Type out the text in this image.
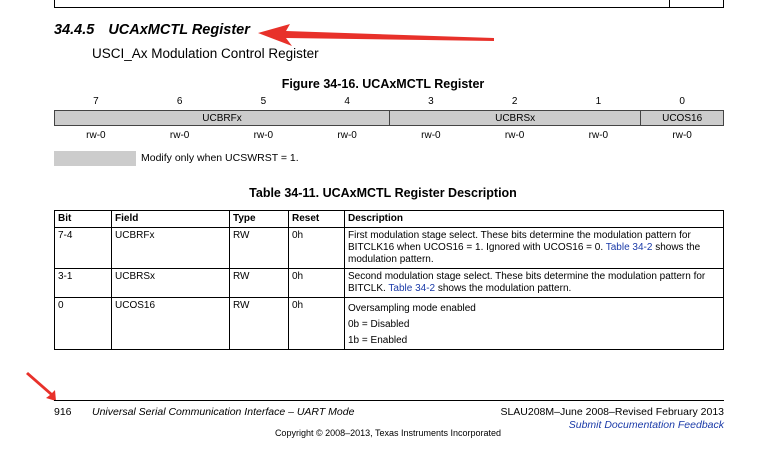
34.4.5 UCAxMCTL Register
USCI_Ax Modulation Control Register
Figure 34-16. UCAxMCTL Register
7	6	5	4	3	2	1	0
UCBRFx	UCBRSx	UCOS16
rw-0	rw-0	rw-0	rw-0	rw-0	rw-0	rw-0	rw-0
Modify only when UCSWRST = 1.
Table 34-11. UCAxMCTL Register Description
Bit	Field	Type	Reset	Description
7-4	UCBRFx	RW	0h	First modulation stage select. These bits determine the modulation pattern for BITCLK16 when UCOS16 = 1. Ignored with UCOS16 = 0. Table 34-2 shows the modulation pattern.
3-1	UCBRSx	RW	0h	Second modulation stage select. These bits determine the modulation pattern for BITCLK. Table 34-2 shows the modulation pattern.
0	UCOS16	RW	0h	Oversampling mode enabled
0b = Disabled
1b = Enabled
916 Universal Serial Communication Interface – UART Mode	SLAU208M–June 2008–Revised February 2013
Submit Documentation Feedback
Copyright © 2008–2013, Texas Instruments Incorporated
